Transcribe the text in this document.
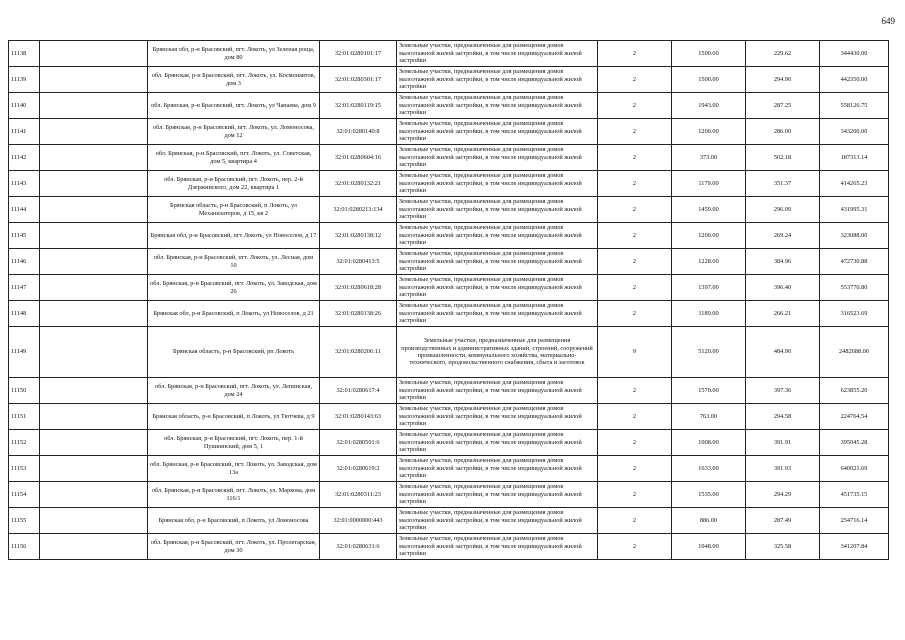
649
11138		Брянская обл, р-н Брасовский, пгт. Локоть, ул Зеленая роща, дом 80	32:01:0280101:17	Земельные участки, предназначенные для размещения домов малоэтажной жилой застройки, в том числе индивидуальной жилой застройки	2	1500.00	229.62	344430.00
11139		обл. Брянская, р-н Брасовский, пгт. Локоть, ул. Космонавтов, дом 3	32:01:0280301:17	Земельные участки, предназначенные для размещения домов малоэтажной жилой застройки, в том числе индивидуальной жилой застройки	2	1500.00	294.90	442350.00
11140		обл. Брянская, р-н Брасовский, пгт. Локоть, ул Чапаева, дом 9	32:01:0280119:15	Земельные участки, предназначенные для размещения домов малоэтажной жилой застройки, в том числе индивидуальной жилой застройки	2	1943.00	287.25	558126.75
11141		обл. Брянская, р-н Брасовский, пгт. Локоть, ул. Ломоносова, дом 12	32:01:0280140:8	Земельные участки, предназначенные для размещения домов малоэтажной жилой застройки, в том числе индивидуальной жилой застройки	2	1200.00	286.00	343200.00
11142		обл. Брянская, р-н Брасовский, пгт. Локоть, ул. Советская, дом 5, квартира 4	32:01:0280604:16	Земельные участки, предназначенные для размещения домов малоэтажной жилой застройки, в том числе индивидуальной жилой застройки	2	373.00	502.18	187313.14
11143		обл. Брянская, р-н Брасовский, пгт. Локоть, пер. 2-й Дзержинского, дом 22, квартира 1	32:01:0280132:21	Земельные участки, предназначенные для размещения домов малоэтажной жилой застройки, в том числе индивидуальной жилой застройки	2	1179.00	351.37	414265.23
11144		Брянская область, р-н Брасовский, п Локоть, ул Механизаторов, д 15, кв 2	32:01:0280213:134	Земельные участки, предназначенные для размещения домов малоэтажной жилой застройки, в том числе индивидуальной жилой застройки	2	1459.00	296.09	431995.31
11145		Брянская обл, р-н Брасовский, пгт Локоть, ул Новоселов, д 17	32:01:0280138:12	Земельные участки, предназначенные для размещения домов малоэтажной жилой застройки, в том числе индивидуальной жилой застройки	2	1200.00	269.24	323088.00
11146		обл. Брянская, р-н Брасовский, пгт. Локоть, ул. Лесная, дом 10	32:01:0280413:5	Земельные участки, предназначенные для размещения домов малоэтажной жилой застройки, в том числе индивидуальной жилой застройки	2	1228.00	384.96	472730.88
11147		обл. Брянская, р-н Брасовский, пгт. Локоть, ул. Заводская, дом 26	32:01:0280618:28	Земельные участки, предназначенные для размещения домов малоэтажной жилой застройки, в том числе индивидуальной жилой застройки	2	1397.00	396.40	553770.80
11148		Брянская обл, р-н Брасовский, п Локоть, ул Новоселов, д 21	32:01:0280138:26	Земельные участки, предназначенные для размещения домов малоэтажной жилой застройки, в том числе индивидуальной жилой застройки	2	1189.00	266.21	316523.69
11149		Брянская область, р-н Брасовский, рп Локоть	32:01:0280206:11	Земельные участки, предназначенные для размещения производственных и административных зданий, строений, сооружений промышленности, коммунального хозяйства, материально-технического, продовольственного снабжения, сбыта и заготовок	9	5120.00	484.90	2482688.00
11150		обл. Брянская, р-н Брасовский, пгт. Локоть, ул. Лепинская, дом 24	32:01:0280617:4	Земельные участки, предназначенные для размещения домов малоэтажной жилой застройки, в том числе индивидуальной жилой застройки	2	1570.00	397.36	623855.20
11151		Брянская область, р-н Брасовский, п Локоть, ул Тютчева, д 9	32:01:0280143:63	Земельные участки, предназначенные для размещения домов малоэтажной жилой застройки, в том числе индивидуальной жилой застройки	2	763.00	294.58	224764.54
11152		обл. Брянская, р-н Брасовский, пгт. Локоть, пер. 1-й Пушкинский, дом 5, 1	32:01:0280501:6	Земельные участки, предназначенные для размещения домов малоэтажной жилой застройки, в том числе индивидуальной жилой застройки	2	1008.00	391.91	395045.28
11153		обл. Брянская, р-н Брасовский, пгт. Локоть, ул. Заводская, дом 13а	32:01:0280619:2	Земельные участки, предназначенные для размещения домов малоэтажной жилой застройки, в том числе индивидуальной жилой застройки	2	1633.00	391.93	640021.69
11154		обл. Брянская, р-н Брасовский, пгт. Локоть, ул. Маркова, дом 116/1	32:01:0280311:23	Земельные участки, предназначенные для размещения домов малоэтажной жилой застройки, в том числе индивидуальной жилой застройки	2	1535.00	294.29	451735.15
11155		Брянская обл, р-н Брасовский, п Локоть, ул Ломоносова	32:01:0000000:443	Земельные участки, предназначенные для размещения домов малоэтажной жилой застройки, в том числе индивидуальной жилой застройки	2	886.00	287.49	254716.14
11156		обл. Брянская, р-н Брасовский, пгт. Локоть, ул. Пролетарская, дом 30	32:01:0280631:6	Земельные участки, предназначенные для размещения домов малоэтажной жилой застройки, в том числе индивидуальной жилой застройки	2	1048.00	325.58	341207.84
